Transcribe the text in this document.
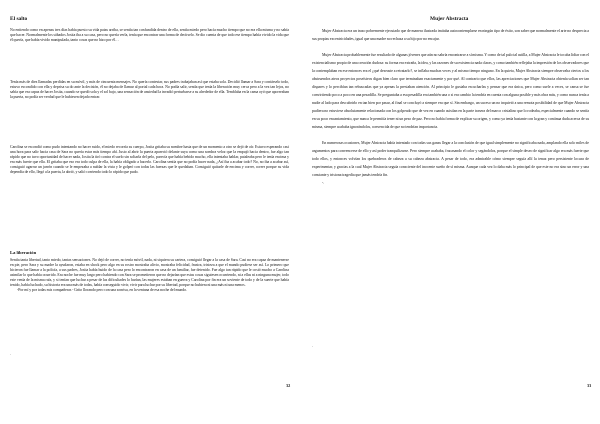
El salto

No entiendo como en apenas tres días había puesto su vida patas arriba, se sentía tan confundida dentro de ella, sentía miedo pero hacía mucho tiempo que no era ella misma y no sabía que hacer. Normalmente los sábados Josita iba a su casa, pero no quería verla, tenía que encontrar una forma de decírselo. Se dio cuenta de que todo ese tiempo había vivido la vida que él quería, que había vivido manipulada, tanto cosas que no hizo por él…

Tenía más de diez llamadas perdidas en su móvil, y más de cincuenta mensajes. No quería contestar, sus padres trabajaban así que estaba sola. Decidió llamar a Sara y contárselo todo, estuvo escondido con ella y deprisa su do ante la decisión, él no dejaba de llamar al portal cada hora. No podía salir, sentía que tenía la liberación muy cerca pero a la vez tan lejos, no sabía que era capaz de hacer Josita, cuando se quedó sola y el sol bajo, una sensación de ansiedad la invadió perturbarse a su alrededor de ella. Temblaba en la cama oyó que aporreaban la puerta, no podía ser verdad que le hubiesen dejado entrar.

Carolina se escondió como pudo intentando no hacer ruido, el miedo recorría su cuerpo, Josita gritaba su nombre hasta que de un momento a otro se dejó de oír. Estuvo esperando casi una hora para salir hacia casa de Sara no quería estar más tiempo ahí. Justo al abrir la puerta apareció delante suya como una sombra veloz que la empujó hacia dentro, fue algo tan rápido que no tuvo oportunidad de hacer nada, Josita la tiró contra el suelo sin soltarla del pelo, parecía que había bebido mucho, ella intentaba hablar, pataleaba pero le tenía encima y era más fuerte que ella. El gritaba que eso era todo culpa de ella, la había obligado a hacerlo. Carolina sentía que no podía hacer nada, ¿Así iba a acabar todo? No, no iba a acabar así, consiguió agarrar un jarrón cuando se le empezaba a nublar la vista y le golpeó con todas las fuerzas que le quedaban. Consiguió quitarle de encima y correr, correr porque su vida dependía de ello, llegó a la puerta, la abrió, y salió corriendo todo lo rápido que pudo.

La liberación

Sentía tanta libertad, tanto miedo, tantas sensaciones. No dejó de correr, no tenía móvil, nada, ni siquiera su cartera, consiguió llegar a la casa de Sara. Casi no era capaz de mantenerse en pie, pero Sara y su madre la ayudaron, estaba en shock pero algo en su rostro mostraba alivio, mostraba felicidad, frustra, tristeza a que el mundo pudiese ser así. Lo primero que hicieron fue llamar a la policía, a sus padres, Josita había huido de la casa pero lo encontraron en casa de un familiar, fue detenido. Fue algo tan rápido que le costó mucho a Carolina asimilar lo que había ocurrido. Era noche fue muy largo pero habiendo con Sara se prometieron que no dejarían que estas cosas siguiesen ocurriendo, ni a ellas ni a ninguna mujer, todo este venía de la misma raíz, y si tenían que luchar a pesar de las dificultades lo harían, las mujeres estaban en guerra y Carolina por fin era un soviente de todo y de la suerte que había tenido, había luchado, su historia era una más de todas, había conseguido vivir, vivir para luchar por su libertad, porque no hubiera ni una más ni una menos.

-Por mí y por todas mis compañeras - Grito llorando pero con una sonrisa, en la ventana de esa noche del mundo.

.
32
Mujer Abstracta

Mujer Abstracta era un trazo pobremente ejecutado que de manera ilustrada imitaba autocontemplarse en ningún tipo de éxito, son saber que normalmente el arte no desprecia a sus propias excentricidades, igual que una madre no rechaza a su hijo por no encajar.

Mujer Abstracta probablemente fue resultado de algunas jóvenes que aún no sabría encontrarse a sí misma. Y como de tal palo tal astilla, a Mujer Abstracta le tocaba lidiar con el existencialismo propio de una creación dudosa: su forma era extraña, la idea, y las razones de su existencia nada claras, y como también reflejaba la impresión de los observadores que la contemplaban en ese entonces era el ¿qué deseaste a retratarlo?, se inflaba muchas veces y al mismo tiempo ninguno. En la quieta, Mujer Abstracta siempre observaba ciertos a los abstruendos ateos proyectos poseísteos digan bien claro que terminaban exactamente y por qué. Al contrario que ellos, las apreciaciones que Mujer Abstracta obtenía solían ser tan dispares y lo percibían tan rebuscadas que ya apenas la prestaban atención. Al principio le gustaba escucharlas y pensar que era única, pero como suele a veces, se cansa se fue convirtiendo poco a poco en una pesadilla. Se preguntaba a esa pesadilla era también una o si era cambio la tendría en cuenta con alguna posible y más obra más, y como nunca tenía a nadie al lado para descubrirlo en tan bien por pasar, al final se concluyó a siempre era que sí. Sin embargo, un suceso un no inquietó a una remota posibilidad de que Mujer Abstracta pudiera no estuviese absolutamente relacionada con los golpeado que de vez en cuando asistían en la parte trasera del marco cristalino que lo rodeaba, especialmente cuando se sentía en su poco encantamiento, que nunca le permitía tener ni un peso de paz. Pero no había forma de explicar su origen, y como ya tenía bastante con la gran y continua duda acerca de su misma, siempre acababa ignorándolos, convencida de que no tendrían importancia.

En numerosas ocasiones, Mujer Abstracta había intentado con todas sus ganas llegar a la conclusión de que igual simplemente no significaba nada, amplando ella solo miles de argumentos para convencerse de ello y así poder tranquilizarse. Pero siempre acababa, fracasando el color y segándolos, porque el simple deseo de significar algo era más fuerte que todo ellos, y entonces volvían los quebraderos de cabeza a su cabeza abstracta. A pesar de todo, era admirable cómo siempre seguía allí la tenaz pero persistente locura de experimentar, y gracias a la cual Mujer Abstracta seguía consciente del inocente sueño de sí misma. Aunque cada vez lo daba más lo principal de que este no era sino un error y una constante y tristona tragedia que jamás tendría fin.

-.

.
33
